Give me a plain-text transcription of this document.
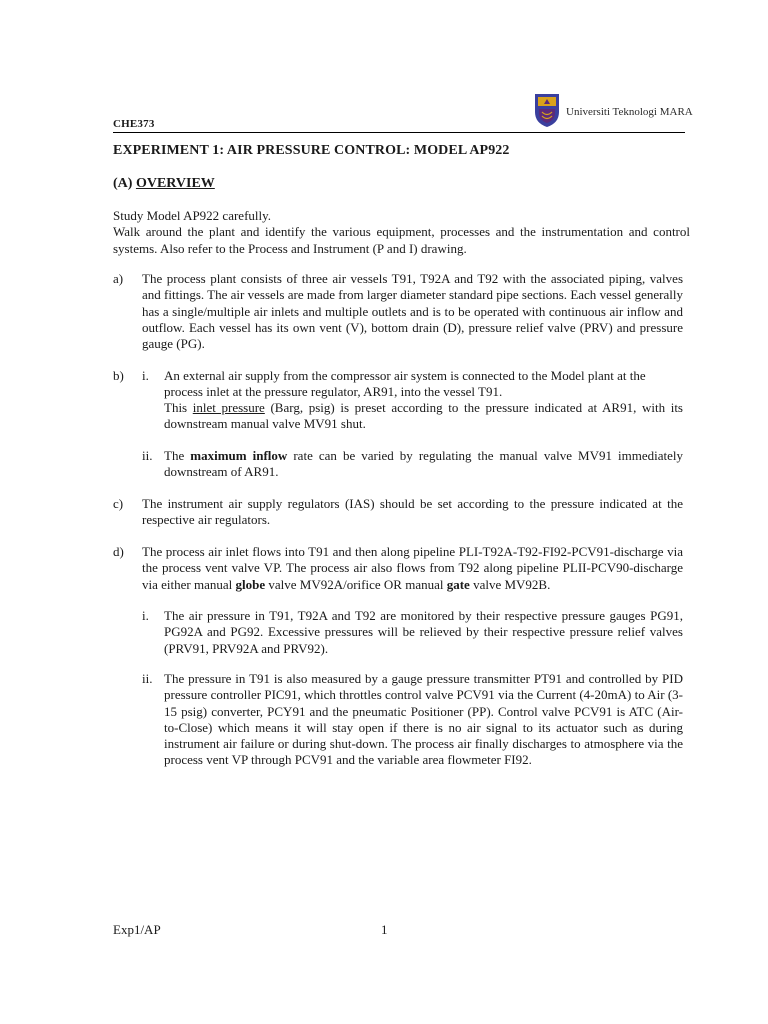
Universiti Teknologi MARA
CHE373
EXPERIMENT 1: AIR PRESSURE CONTROL: MODEL AP922
(A) OVERVIEW

Study Model AP922 carefully.

Walk around the plant and identify the various equipment, processes and the instrumentation and control systems. Also refer to the Process and Instrument (P and I) drawing.

a) The process plant consists of three air vessels T91, T92A and T92 with the associated piping, valves and fittings. The air vessels are made from larger diameter standard pipe sections. Each vessel generally has a single/multiple air inlets and multiple outlets and is to be operated with continuous air inflow and outflow. Each vessel has its own vent (V), bottom drain (D), pressure relief valve (PRV) and pressure gauge (PG).
b) i. An external air supply from the compressor air system is connected to the Model plant at the process inlet at the pressure regulator, AR91, into the vessel T91.
This inlet pressure (Barg, psig) is preset according to the pressure indicated at AR91, with its downstream manual valve MV91 shut.
ii. The maximum inflow rate can be varied by regulating the manual valve MV91 immediately downstream of AR91.
c) The instrument air supply regulators (IAS) should be set according to the pressure indicated at the respective air regulators.
d) The process air inlet flows into T91 and then along pipeline PLI-T92A-T92-FI92-PCV91-discharge via the process vent valve VP. The process air also flows from T92 along pipeline PLII-PCV90-discharge via either manual globe valve MV92A/orifice OR manual gate valve MV92B.
i. The air pressure in T91, T92A and T92 are monitored by their respective pressure gauges PG91, PG92A and PG92. Excessive pressures will be relieved by their respective pressure relief valves (PRV91, PRV92A and PRV92).
ii. The pressure in T91 is also measured by a gauge pressure transmitter PT91 and controlled by PID pressure controller PIC91, which throttles control valve PCV91 via the Current (4-20mA) to Air (3-15 psig) converter, PCY91 and the pneumatic Positioner (PP). Control valve PCV91 is ATC (Air-to-Close) which means it will stay open if there is no air signal to its actuator such as during instrument air failure or during shut-down. The process air finally discharges to atmosphere via the process vent VP through PCV91 and the variable area flowmeter FI92.
Exp1/AP	1
